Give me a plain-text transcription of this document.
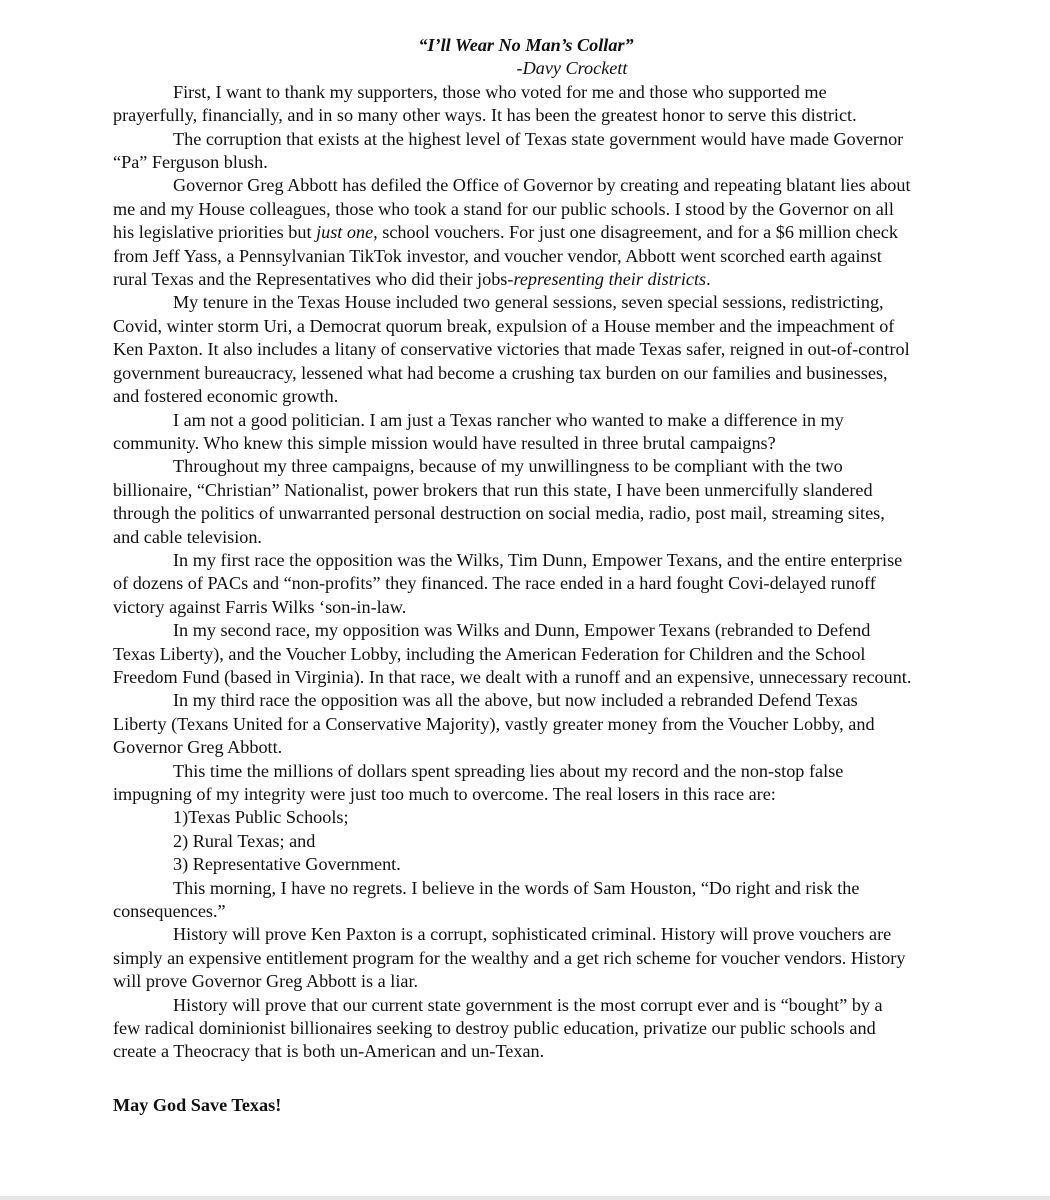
“I’ll Wear No Man’s Collar”

-Davy Crockett

First, I want to thank my supporters, those who voted for me and those who supported me prayerfully, financially, and in so many other ways. It has been the greatest honor to serve this district.

The corruption that exists at the highest level of Texas state government would have made Governor “Pa” Ferguson blush.

Governor Greg Abbott has defiled the Office of Governor by creating and repeating blatant lies about me and my House colleagues, those who took a stand for our public schools. I stood by the Governor on all his legislative priorities but just one, school vouchers. For just one disagreement, and for a $6 million check from Jeff Yass, a Pennsylvanian TikTok investor, and voucher vendor, Abbott went scorched earth against rural Texas and the Representatives who did their jobs-representing their districts.

My tenure in the Texas House included two general sessions, seven special sessions, redistricting, Covid, winter storm Uri, a Democrat quorum break, expulsion of a House member and the impeachment of Ken Paxton. It also includes a litany of conservative victories that made Texas safer, reigned in out-of-control government bureaucracy, lessened what had become a crushing tax burden on our families and businesses, and fostered economic growth.

I am not a good politician. I am just a Texas rancher who wanted to make a difference in my community. Who knew this simple mission would have resulted in three brutal campaigns?

Throughout my three campaigns, because of my unwillingness to be compliant with the two billionaire, “Christian” Nationalist, power brokers that run this state, I have been unmercifully slandered through the politics of unwarranted personal destruction on social media, radio, post mail, streaming sites, and cable television.

In my first race the opposition was the Wilks, Tim Dunn, Empower Texans, and the entire enterprise of dozens of PACs and “non-profits” they financed. The race ended in a hard fought Covi-delayed runoff victory against Farris Wilks ‘son-in-law.

In my second race, my opposition was Wilks and Dunn, Empower Texans (rebranded to Defend Texas Liberty), and the Voucher Lobby, including the American Federation for Children and the School Freedom Fund (based in Virginia). In that race, we dealt with a runoff and an expensive, unnecessary recount.

In my third race the opposition was all the above, but now included a rebranded Defend Texas Liberty (Texans United for a Conservative Majority), vastly greater money from the Voucher Lobby, and Governor Greg Abbott.

This time the millions of dollars spent spreading lies about my record and the non-stop false impugning of my integrity were just too much to overcome. The real losers in this race are:

1)Texas Public Schools;

2) Rural Texas; and

3) Representative Government.

This morning, I have no regrets. I believe in the words of Sam Houston, “Do right and risk the consequences.”

History will prove Ken Paxton is a corrupt, sophisticated criminal. History will prove vouchers are simply an expensive entitlement program for the wealthy and a get rich scheme for voucher vendors. History will prove Governor Greg Abbott is a liar.

History will prove that our current state government is the most corrupt ever and is “bought” by a few radical dominionist billionaires seeking to destroy public education, privatize our public schools and create a Theocracy that is both un-American and un-Texan.

May God Save Texas!
